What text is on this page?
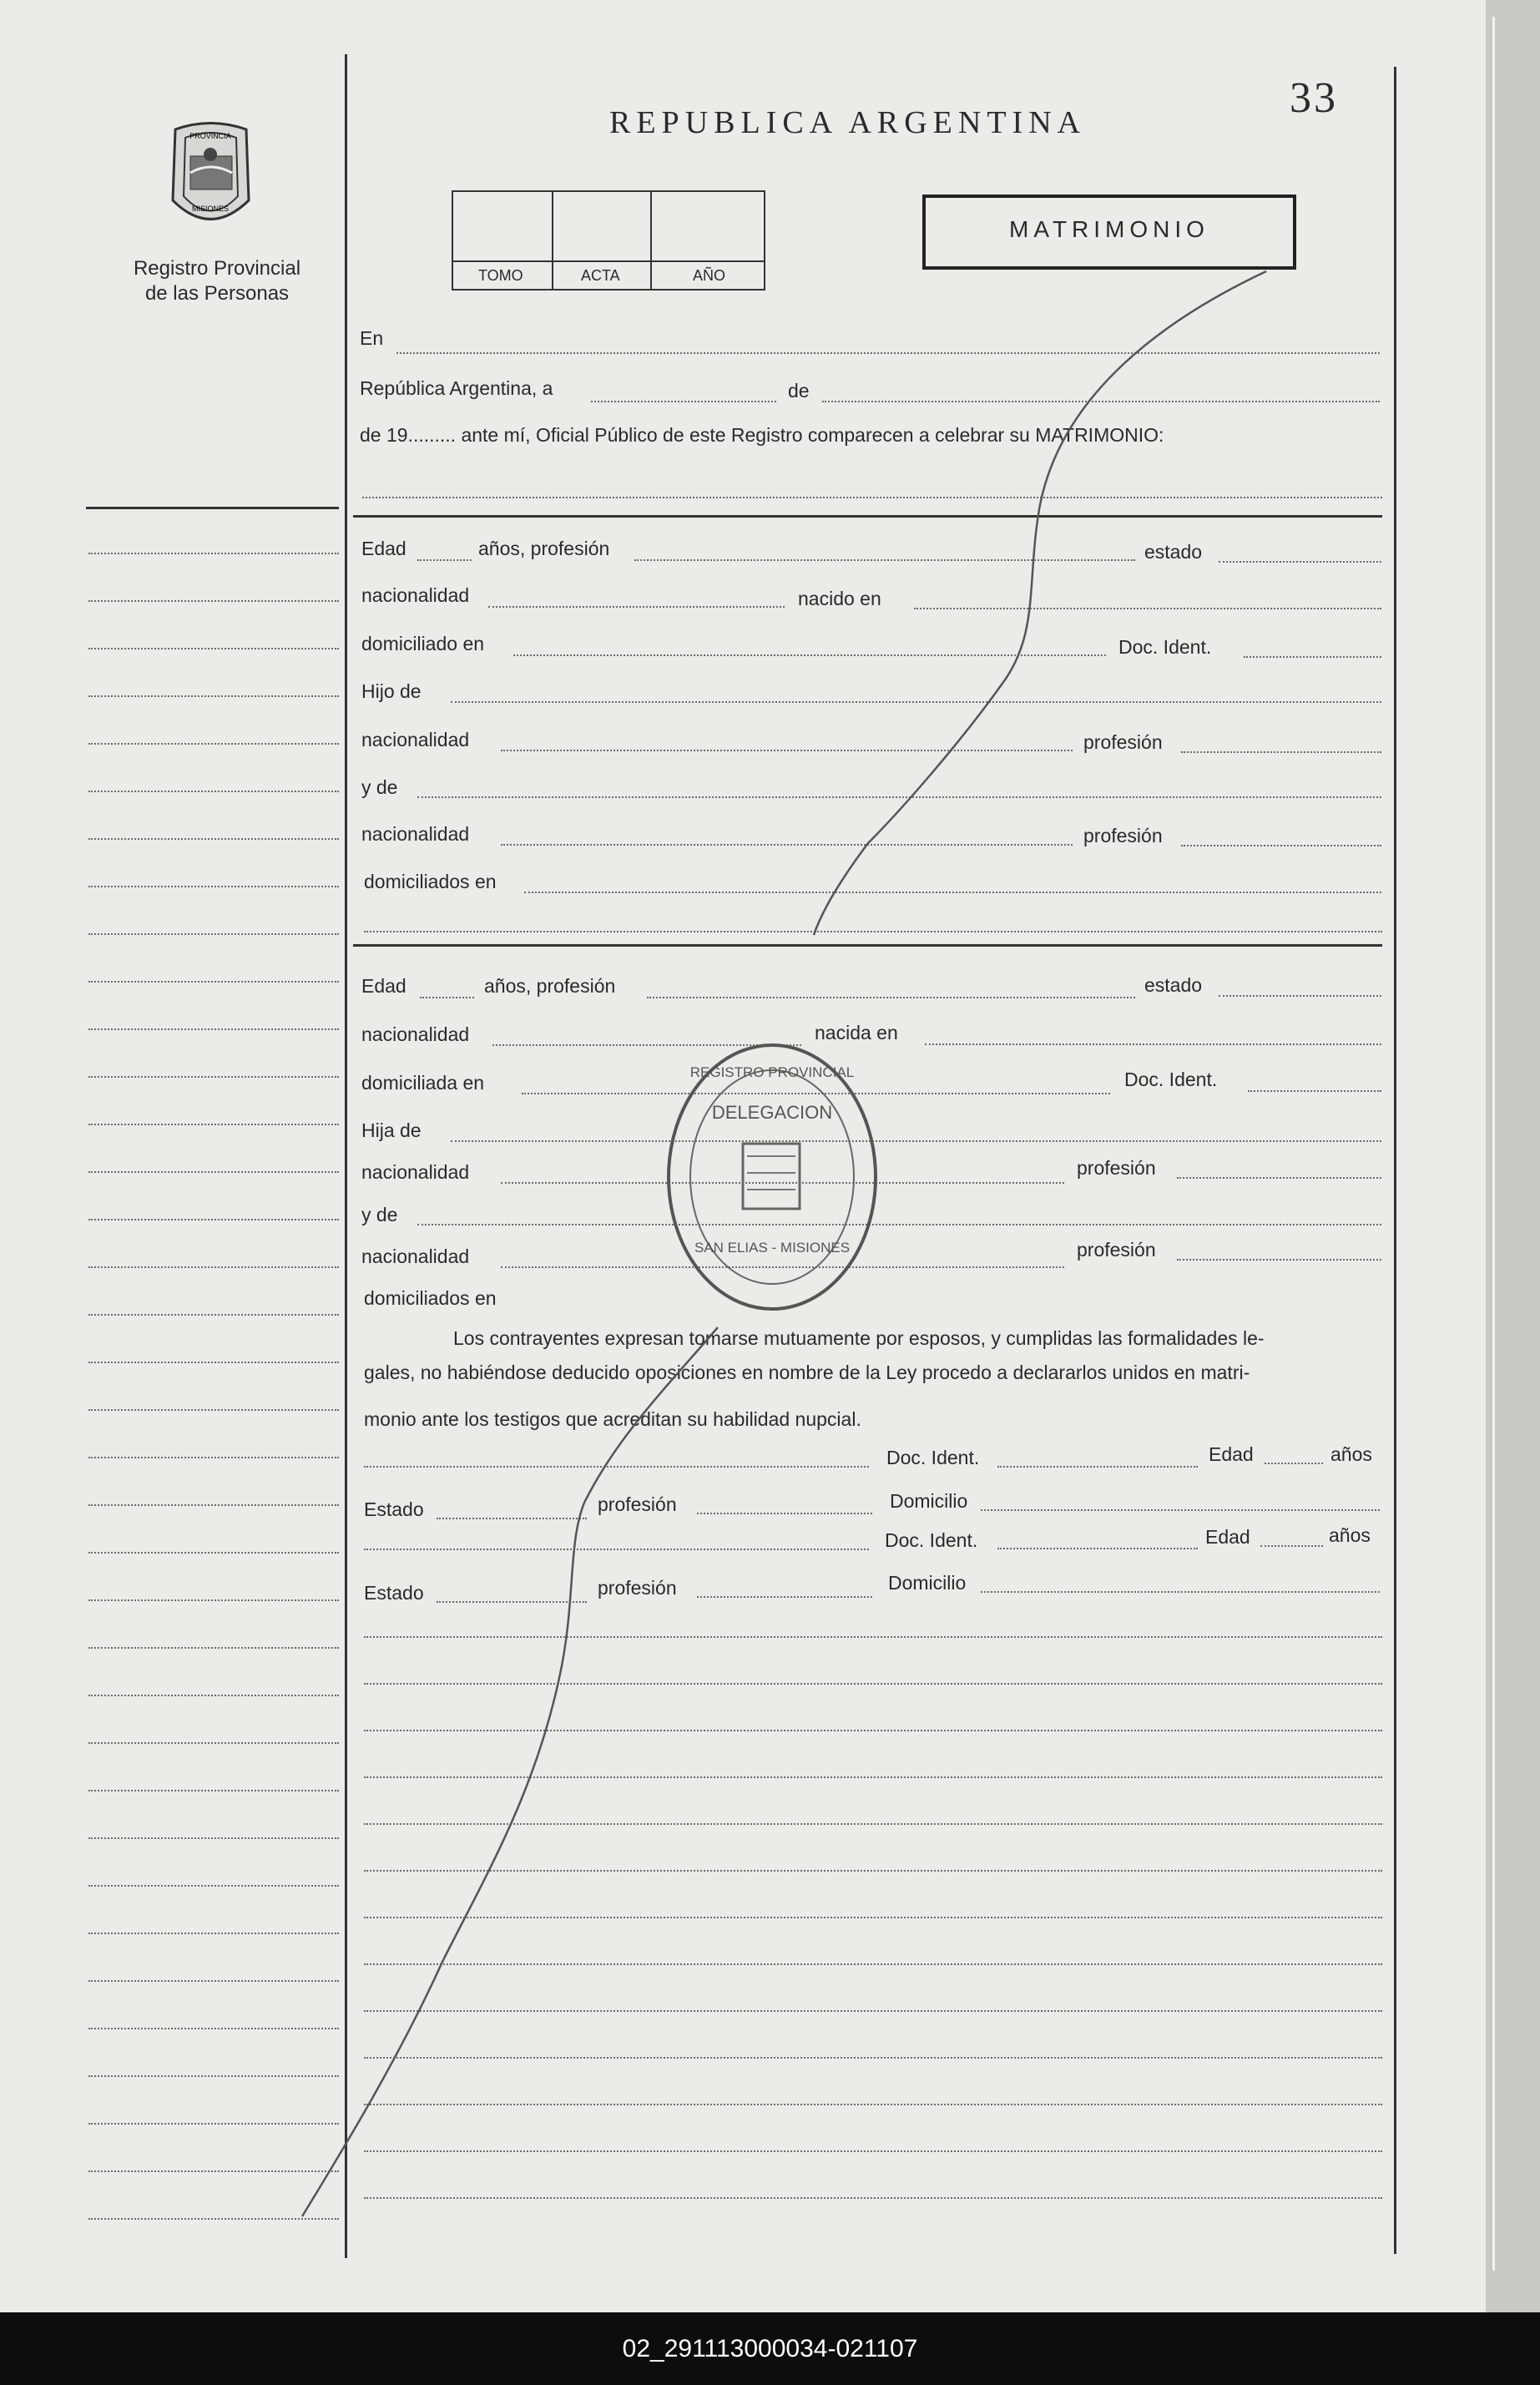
REPUBLICA ARGENTINA
33
PROVINCIA
MISIONES
Registro Provincial
de las Personas
TOMO	ACTA	AÑO
MATRIMONIO
En
República Argentina, a	de
de 19......... ante mí, Oficial Público de este Registro comparecen a celebrar su MATRIMONIO:
Edad	años, profesión	estado
nacionalidad	nacido en
domiciliado en	Doc. Ident.
Hijo de
nacionalidad	profesión
y de
nacionalidad	profesión
domiciliados en
Edad	años, profesión	estado
nacionalidad	nacida en
domiciliada en	Doc. Ident.
Hija de
nacionalidad	profesión
y de
nacionalidad	profesión
domiciliados en
Los contrayentes expresan tomarse mutuamente por esposos, y cumplidas las formalidades le-
gales, no habiéndose deducido oposiciones en nombre de la Ley procedo a declararlos unidos en matri-
monio ante los testigos que acreditan su habilidad nupcial.
Doc. Ident.	Edad	años
Estado	profesión	Domicilio
Doc. Ident.	Edad	años
Estado	profesión	Domicilio
REGISTRO PROVINCIAL
DELEGACION
SAN ELIAS - MISIONES
02_291113000034-021107
